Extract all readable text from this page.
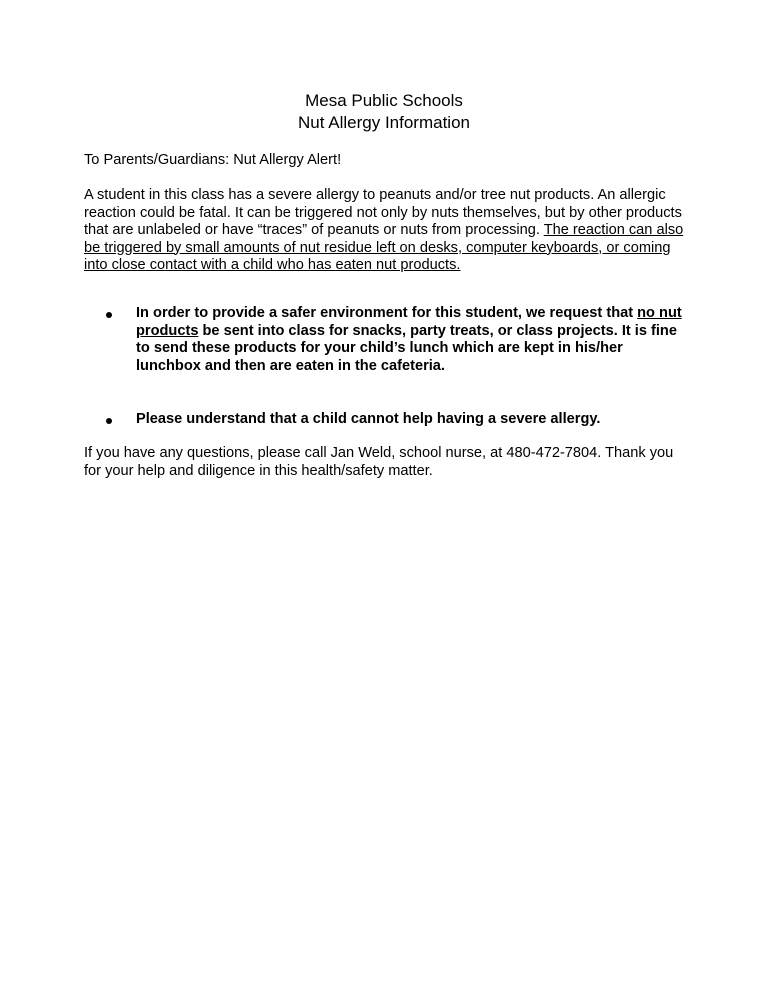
Mesa Public Schools
Nut Allergy Information
To Parents/Guardians: Nut Allergy Alert!
A student in this class has a severe allergy to peanuts and/or tree nut products. An allergic reaction could be fatal. It can be triggered not only by nuts themselves, but by other products that are unlabeled or have “traces” of peanuts or nuts from processing. The reaction can also be triggered by small amounts of nut residue left on desks, computer keyboards, or coming into close contact with a child who has eaten nut products.
In order to provide a safer environment for this student, we request that no nut products be sent into class for snacks, party treats, or class projects. It is fine to send these products for your child’s lunch which are kept in his/her lunchbox and then are eaten in the cafeteria.
Please understand that a child cannot help having a severe allergy.
If you have any questions, please call Jan Weld, school nurse, at 480-472-7804. Thank you for your help and diligence in this health/safety matter.
